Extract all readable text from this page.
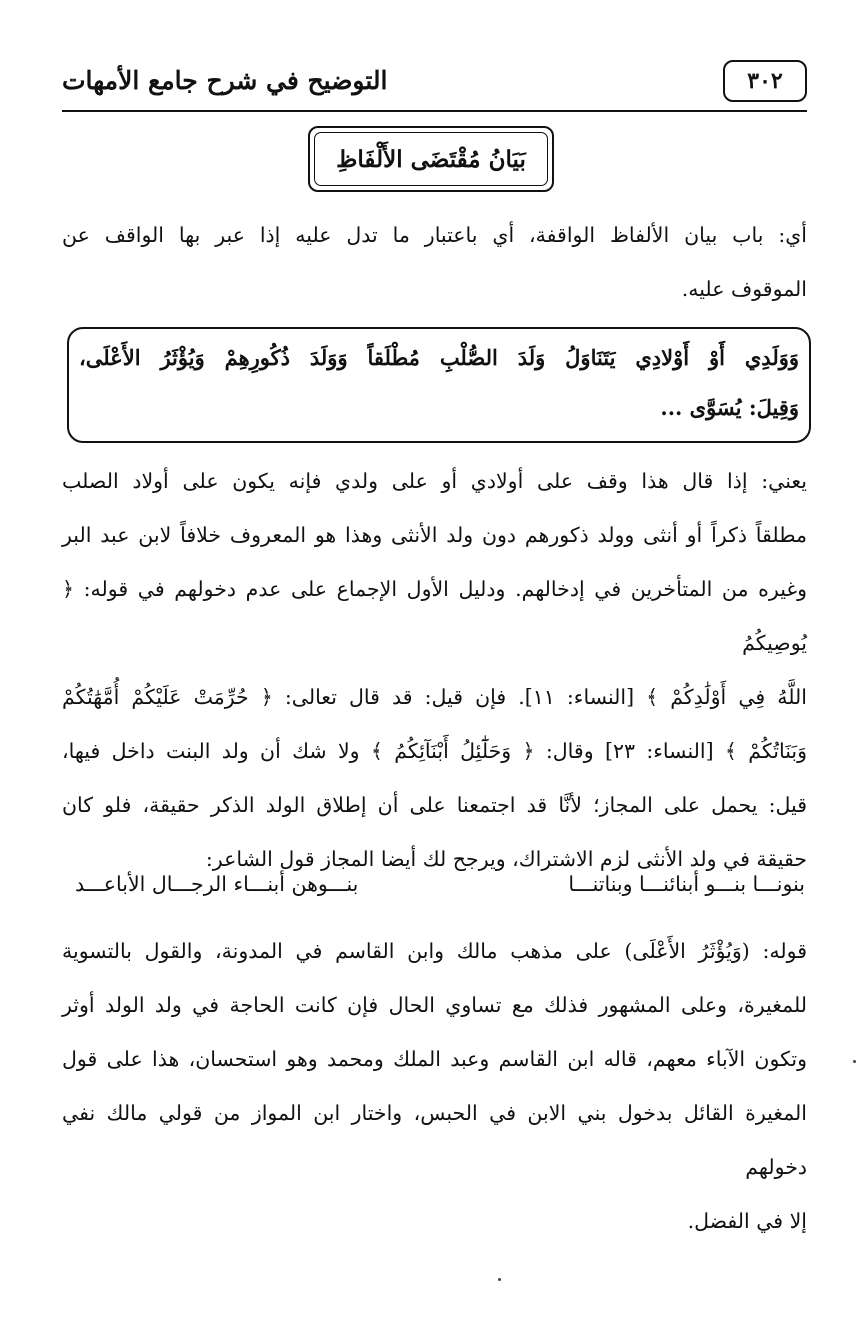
٣٠٢
التوضيح في شرح جامع الأمهات
بَيَانُ مُقْتَضَى الأَلْفَاظِ
أي: باب بيان الألفاظ الواقفة، أي باعتبار ما تدل عليه إذا عبر بها الواقف عن
الموقوف عليه.
وَوَلَدِي أَوْ أَوْلادِي يَتَنَاوَلُ وَلَدَ الصُّلْبِ مُطْلَقاً وَوَلَدَ ذُكُورِهِمْ وَيُؤْثَرُ الأَعْلَى،
وَقِيلَ: يُسَوَّى ...
يعني: إذا قال هذا وقف على أولادي أو على ولدي فإنه يكون على أولاد الصلب
مطلقاً ذكراً أو أنثى وولد ذكورهم دون ولد الأنثى وهذا هو المعروف خلافاً لابن عبد البر
وغيره من المتأخرين في إدخالهم. ودليل الأول الإجماع على عدم دخولهم في قوله: ﴿ يُوصِيكُمُ
اللَّهُ فِي أَوْلَٰدِكُمْ ﴾ [النساء: ١١]. فإن قيل: قد قال تعالى: ﴿ حُرِّمَتْ عَلَيْكُمْ أُمَّهَٰتُكُمْ
وَبَنَاتُكُمْ ﴾ [النساء: ٢٣] وقال: ﴿ وَحَلَٰٓئِلُ أَبْنَآئِكُمُ ﴾ ولا شك أن ولد البنت داخل فيها،
قيل: يحمل على المجاز؛ لأنَّا قد اجتمعنا على أن إطلاق الولد الذكر حقيقة، فلو كان
حقيقة في ولد الأنثى لزم الاشتراك، ويرجح لك أيضا المجاز قول الشاعر:
بنونـــا بنـــو أبنائنـــا وبناتنـــا
بنـــوهن أبنـــاء الرجـــال الأباعـــد
قوله: (وَيُؤْثَرُ الأَعْلَى) على مذهب مالك وابن القاسم في المدونة، والقول بالتسوية
للمغيرة، وعلى المشهور فذلك مع تساوي الحال فإن كانت الحاجة في ولد الولد أوثر
وتكون الآباء معهم، قاله ابن القاسم وعبد الملك ومحمد وهو استحسان، هذا على قول
المغيرة القائل بدخول بني الابن في الحبس، واختار ابن المواز من قولي مالك نفي دخولهم
إلا في الفضل.
